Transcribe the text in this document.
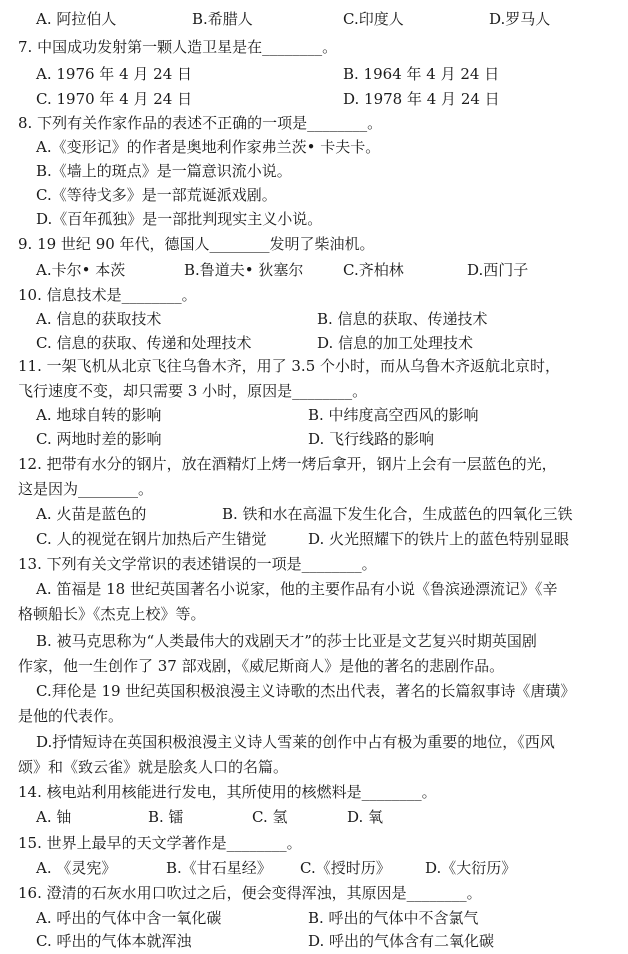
A. 阿拉伯人	B.希腊人	C.印度人	D.罗马人
7. 中国成功发射第一颗人造卫星是在________。
A. 1976 年 4 月 24 日	B. 1964 年 4 月 24 日
C. 1970 年 4 月 24 日	D. 1978 年 4 月 24 日
8. 下列有关作家作品的表述不正确的一项是________。
A.《变形记》的作者是奥地利作家弗兰茨• 卡夫卡。
B.《墙上的斑点》是一篇意识流小说。
C.《等待戈多》是一部荒诞派戏剧。
D.《百年孤独》是一部批判现实主义小说。
9. 19 世纪 90 年代，德国人________发明了柴油机。
A.卡尔• 本茨	B.鲁道夫• 狄塞尔	C.齐柏林	D.西门子
10. 信息技术是________。
A. 信息的获取技术	B. 信息的获取、传递技术
C. 信息的获取、传递和处理技术	D. 信息的加工处理技术
11. 一架飞机从北京飞往乌鲁木齐，用了 3.5 个小时，而从乌鲁木齐返航北京时，
飞行速度不变，却只需要 3 小时，原因是________。
A. 地球自转的影响	B. 中纬度高空西风的影响
C. 两地时差的影响	D. 飞行线路的影响
12. 把带有水分的钢片，放在酒精灯上烤一烤后拿开，钢片上会有一层蓝色的光，
这是因为________。
A. 火苗是蓝色的	B. 铁和水在高温下发生化合，生成蓝色的四氧化三铁
C. 人的视觉在钢片加热后产生错觉	D. 火光照耀下的铁片上的蓝色特别显眼
13. 下列有关文学常识的表述错误的一项是________。
A. 笛福是 18 世纪英国著名小说家，他的主要作品有小说《鲁滨逊漂流记》《辛
格顿船长》《杰克上校》等。
B. 被马克思称为“人类最伟大的戏剧天才”的莎士比亚是文艺复兴时期英国剧
作家，他一生创作了 37 部戏剧，《威尼斯商人》是他的著名的悲剧作品。
C.拜伦是 19 世纪英国积极浪漫主义诗歌的杰出代表，著名的长篇叙事诗《唐璜》
是他的代表作。
D.抒情短诗在英国积极浪漫主义诗人雪莱的创作中占有极为重要的地位，《西风
颂》和《致云雀》就是脍炙人口的名篇。
14. 核电站利用核能进行发电，其所使用的核燃料是________。
A. 铀	B. 镭	C. 氢	D. 氧
15. 世界上最早的天文学著作是________。
A. 《灵宪》	B.《甘石星经》 C.《授时历》 D.《大衍历》
16. 澄清的石灰水用口吹过之后，便会变得浑浊，其原因是________。
A. 呼出的气体中含一氧化碳	B. 呼出的气体中不含氯气
C. 呼出的气体本就浑浊	D. 呼出的气体含有二氧化碳
